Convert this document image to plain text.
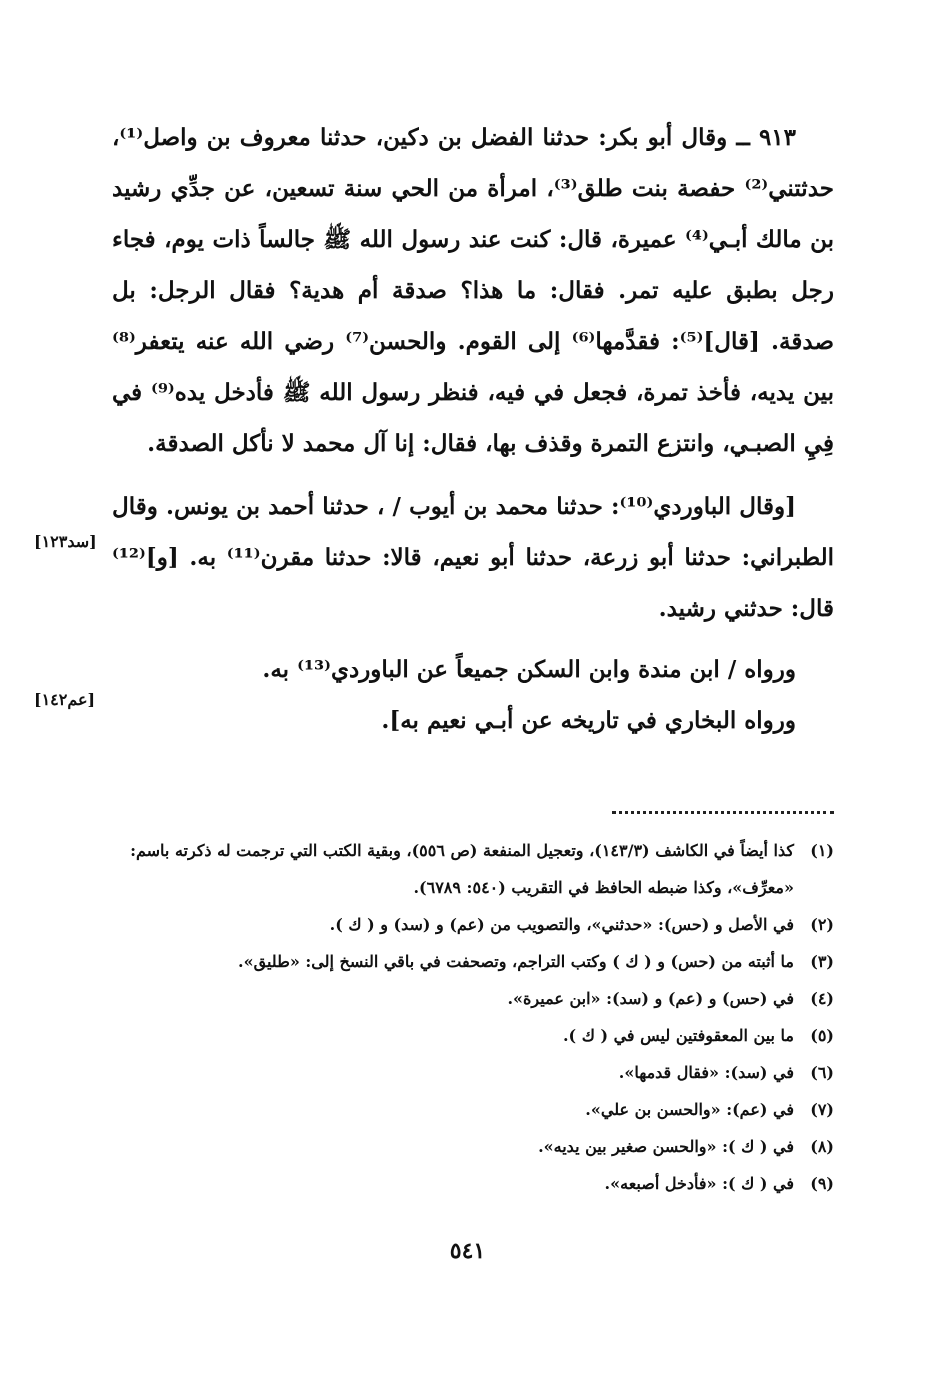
٩١٣ ــ وقال أبو بكر: حدثنا الفضل بن دكين، حدثنا معروف بن واصل⁽¹⁾، حدثتني⁽²⁾ حفصة بنت طلق⁽³⁾، امرأة من الحي سنة تسعين، عن جدِّي رشيد بن مالك أبـي⁽⁴⁾ عميرة، قال: كنت عند رسول الله ﷺ جالساً ذات يوم، فجاء رجل بطبق عليه تمر. فقال: ما هذا؟ صدقة أم هدية؟ فقال الرجل: بل صدقة. [قال]⁽⁵⁾: فقدَّمها⁽⁶⁾ إلى القوم. والحسن⁽⁷⁾ رضي الله عنه يتعفر⁽⁸⁾ بين يديه، فأخذ تمرة، فجعل في فيه، فنظر رسول الله ﷺ فأدخل يده⁽⁹⁾ في فِيِ الصبـي، وانتزع التمرة وقذف بها، فقال: إنا آل محمد لا نأكل الصدقة.

[وقال الباوردي⁽¹⁰⁾: حدثنا محمد بن أيوب / ، حدثنا أحمد بن يونس. وقال الطبراني: حدثنا أبو زرعة، حدثنا أبو نعيم، قالا: حدثنا مقرن⁽¹¹⁾ به. [و]⁽¹²⁾ قال: حدثني رشيد.

ورواه / ابن مندة وابن السكن جميعاً عن الباوردي⁽¹³⁾ به.

ورواه البخاري في تاريخه عن أبـي نعيم به].

[سد١٢٣]
[عم١٤٢]
(١)
كذا أيضاً في الكاشف (١٤٣/٣)، وتعجيل المنفعة (ص ٥٥٦)، وبقية الكتب التي ترجمت له ذكرته باسم: «معرِّف»، وكذا ضبطه الحافظ في التقريب (٥٤٠: ٦٧٨٩).
(٢)
في الأصل و (حس): «حدثني»، والتصويب من (عم) و (سد) و ( ك ).
(٣)
ما أثبته من (حس) و ( ك ) وكتب التراجم، وتصحفت في باقي النسخ إلى: «طليق».
(٤)
في (حس) و (عم) و (سد): «ابن عميرة».
(٥)
ما بين المعقوفتين ليس في ( ك ).
(٦)
في (سد): «فقال قدمها».
(٧)
في (عم): «والحسن بن علي».
(٨)
في ( ك ): «والحسن صغير بين يديه».
(٩)
في ( ك ): «فأدخل أصبعه».
٥٤١
